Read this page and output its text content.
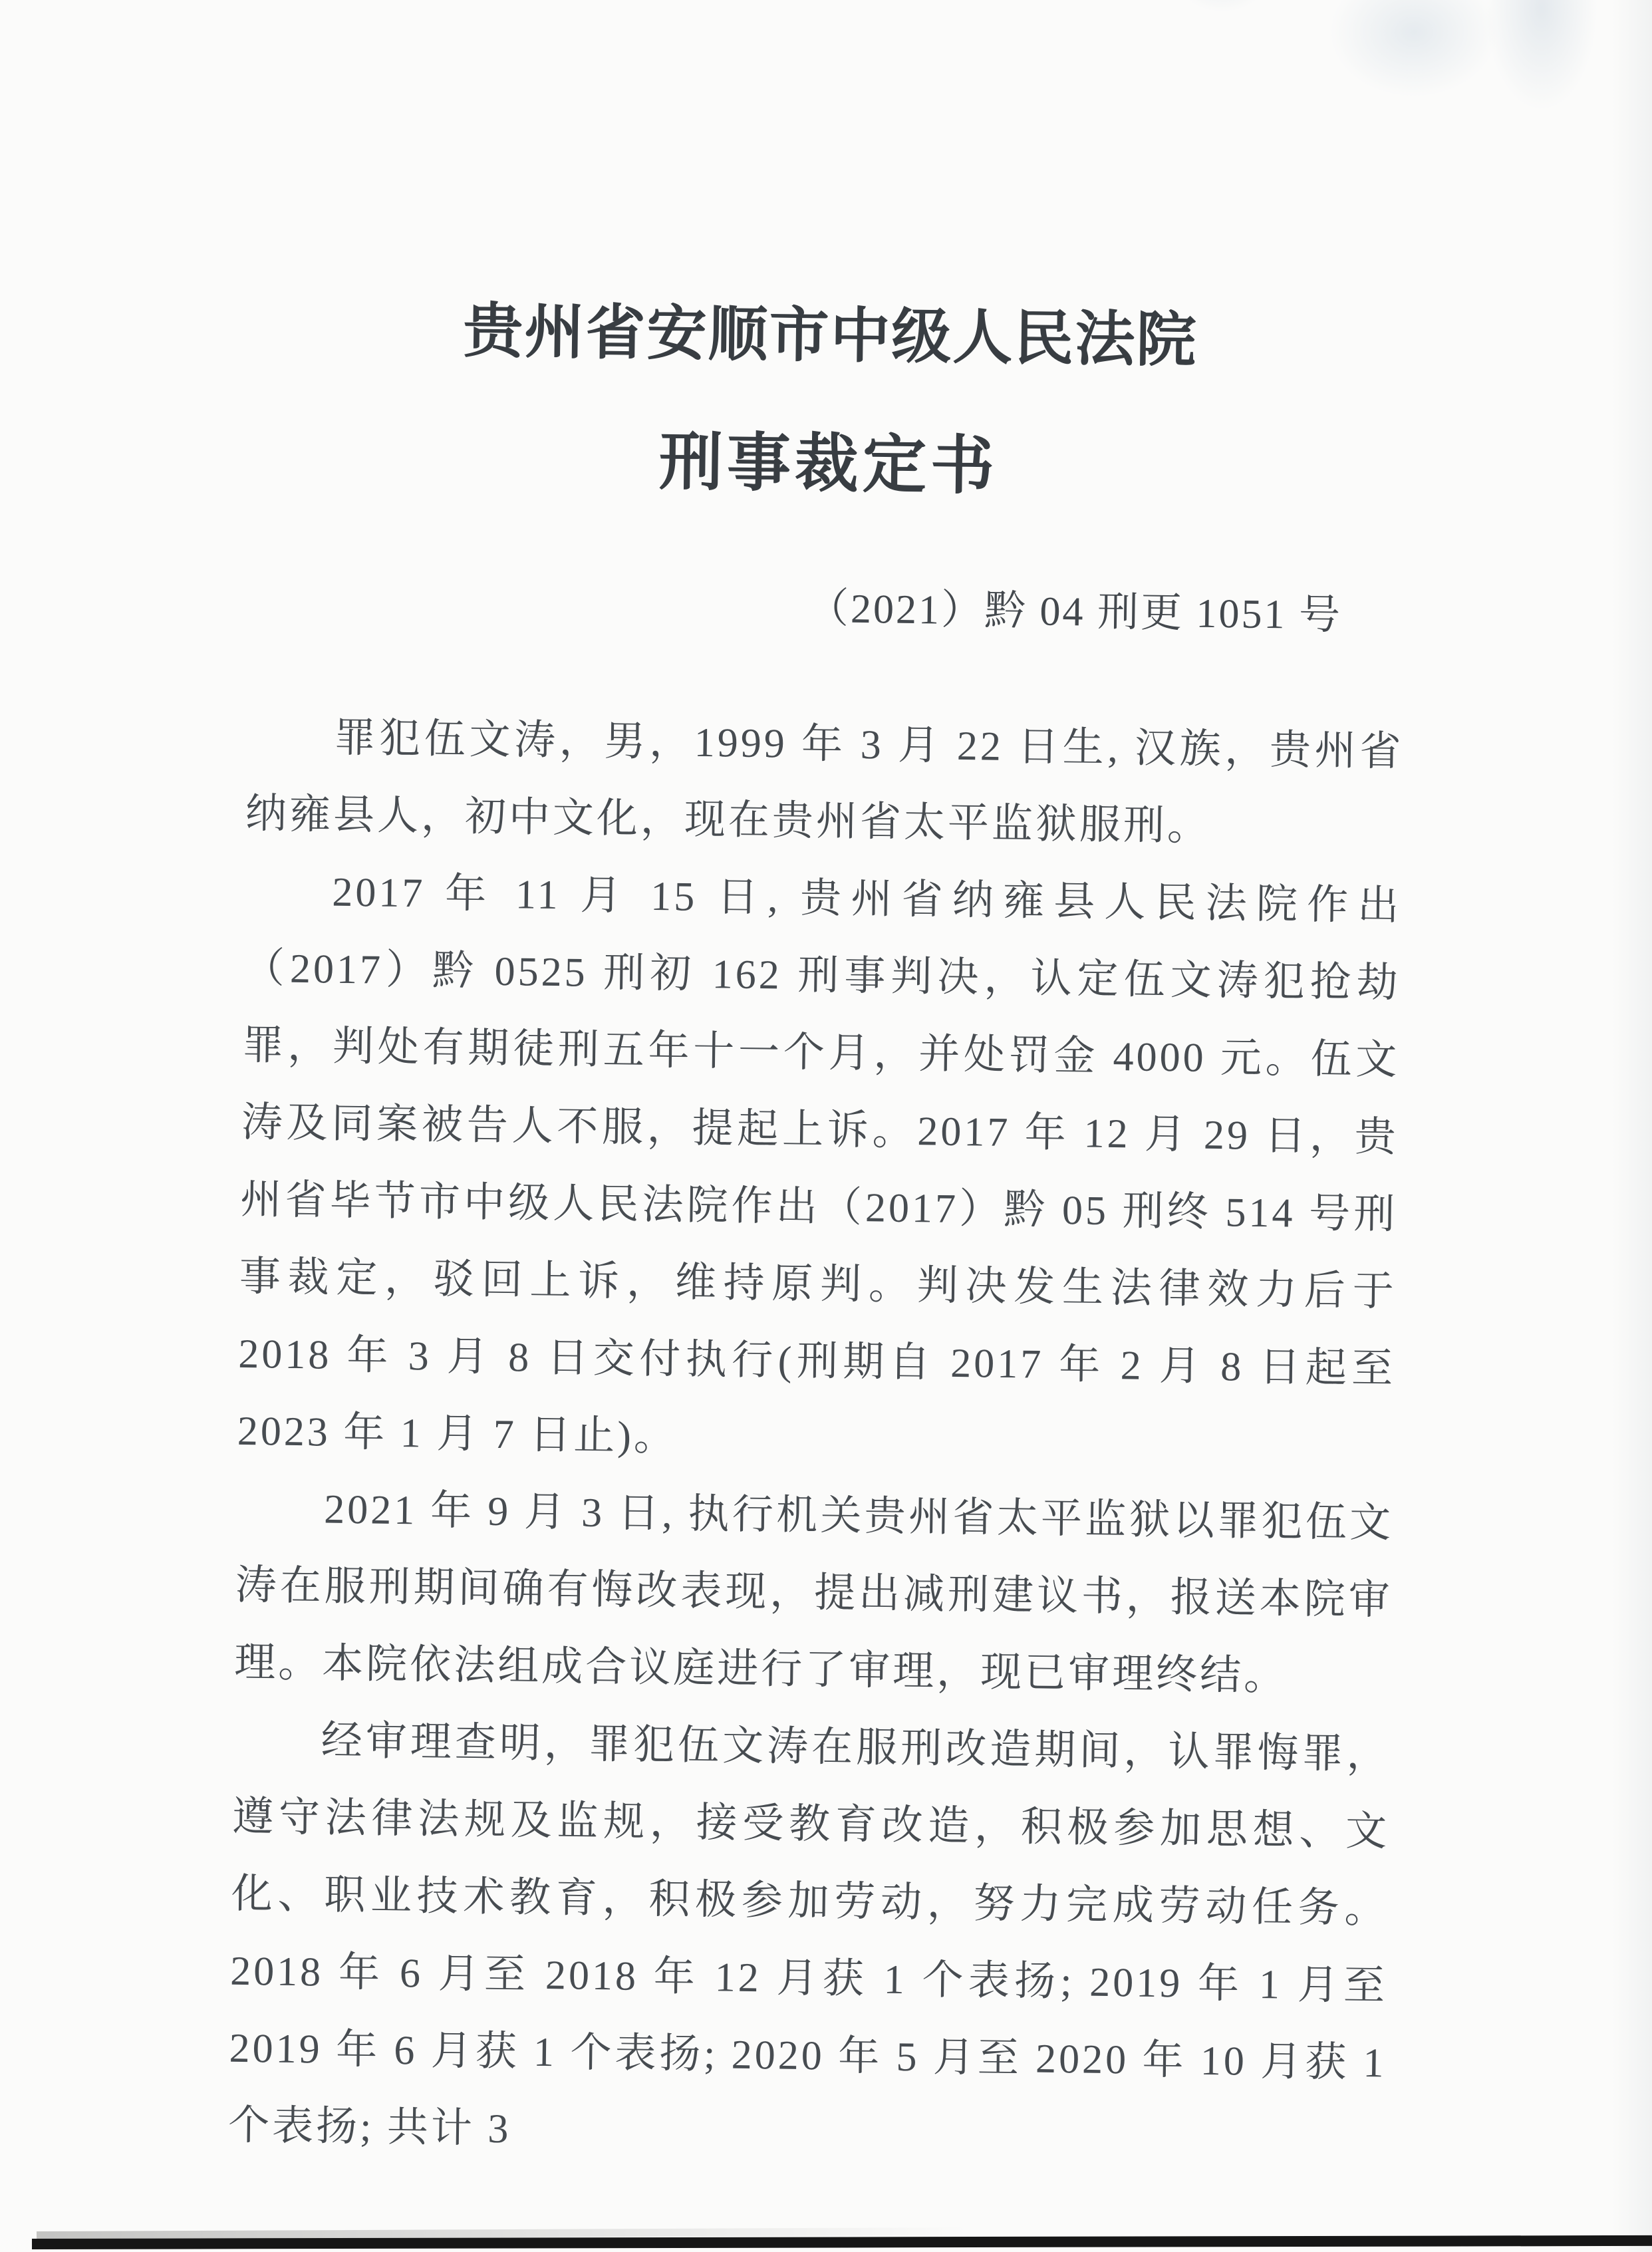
贵州省安顺市中级人民法院
刑事裁定书
（2021）黔 04 刑更 1051 号

罪犯伍文涛，男，1999 年 3 月 22 日生, 汉族，贵州省纳雍县人，初中文化，现在贵州省太平监狱服刑。

2017 年 11 月 15 日, 贵州省纳雍县人民法院作出（2017）黔 0525 刑初 162 刑事判决，认定伍文涛犯抢劫罪，判处有期徒刑五年十一个月，并处罚金 4000 元。伍文涛及同案被告人不服，提起上诉。2017 年 12 月 29 日，贵州省毕节市中级人民法院作出（2017）黔 05 刑终 514 号刑事裁定，驳回上诉，维持原判。判决发生法律效力后于 2018 年 3 月 8 日交付执行(刑期自 2017 年 2 月 8 日起至 2023 年 1 月 7 日止)。

2021 年 9 月 3 日, 执行机关贵州省太平监狱以罪犯伍文涛在服刑期间确有悔改表现，提出减刑建议书，报送本院审理。本院依法组成合议庭进行了审理，现已审理终结。

经审理查明，罪犯伍文涛在服刑改造期间，认罪悔罪，遵守法律法规及监规，接受教育改造，积极参加思想、文化、职业技术教育，积极参加劳动，努力完成劳动任务。2018 年 6 月至 2018 年 12 月获 1 个表扬; 2019 年 1 月至 2019 年 6 月获 1 个表扬; 2020 年 5 月至 2020 年 10 月获 1 个表扬; 共计 3
